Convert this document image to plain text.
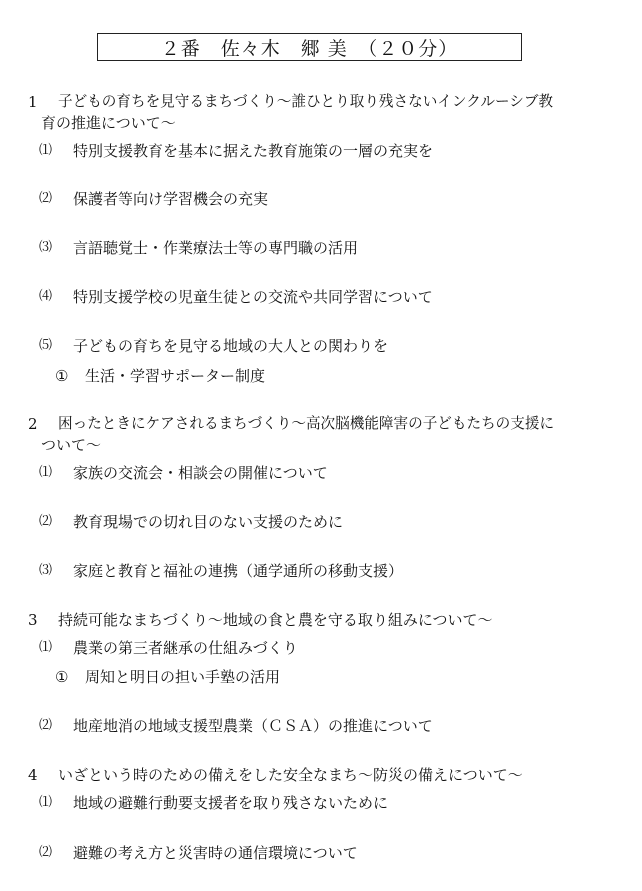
２番　佐々木　郷 美　（２０分）
1 子どもの育ちを見守るまちづくり～誰ひとり取り残さないインクルーシブ教
育の推進について～
⑴ 特別支援教育を基本に据えた教育施策の一層の充実を
⑵ 保護者等向け学習機会の充実
⑶ 言語聴覚士・作業療法士等の専門職の活用
⑷ 特別支援学校の児童生徒との交流や共同学習について
⑸ 子どもの育ちを見守る地域の大人との関わりを
① 生活・学習サポーター制度
2 困ったときにケアされるまちづくり～高次脳機能障害の子どもたちの支援に
ついて～
⑴ 家族の交流会・相談会の開催について
⑵ 教育現場での切れ目のない支援のために
⑶ 家庭と教育と福祉の連携（通学通所の移動支援）
3 持続可能なまちづくり～地域の食と農を守る取り組みについて～
⑴ 農業の第三者継承の仕組みづくり
① 周知と明日の担い手塾の活用
⑵ 地産地消の地域支援型農業（ＣＳＡ）の推進について
4 いざという時のための備えをした安全なまち～防災の備えについて～
⑴ 地域の避難行動要支援者を取り残さないために
⑵ 避難の考え方と災害時の通信環境について
